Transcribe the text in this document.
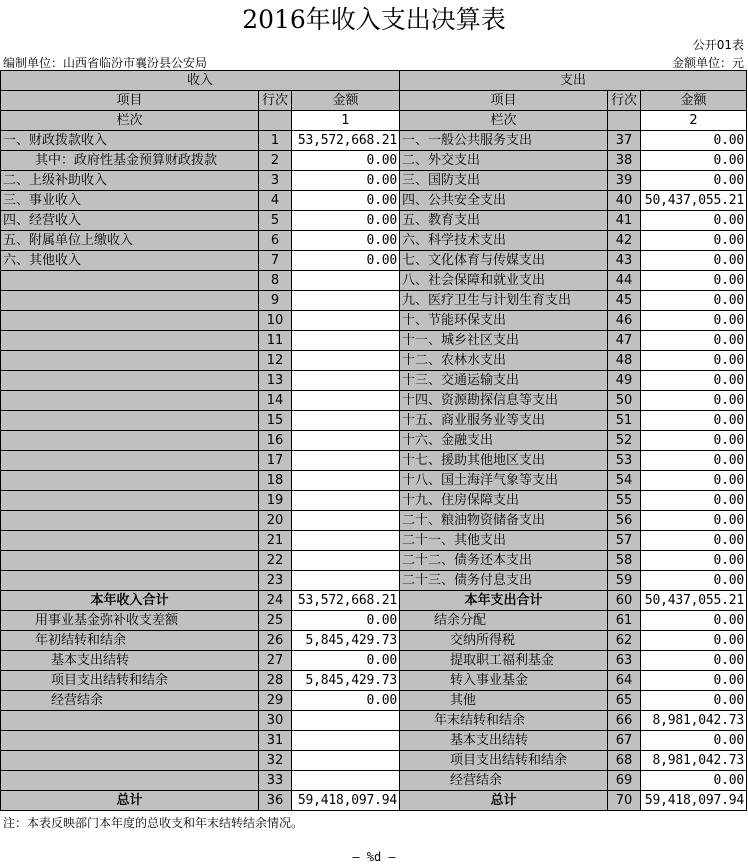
2016年收入支出决算表
公开01表
编制单位：山西省临汾市襄汾县公安局	金额单位：元
收入			支出		
项目	行次	金额	项目	行次	金额
栏次		1	栏次		2
一、财政拨款收入	1	53,572,668.21	一、一般公共服务支出	37	0.00
其中：政府性基金预算财政拨款	2	0.00	二、外交支出	38	0.00
二、上级补助收入	3	0.00	三、国防支出	39	0.00
三、事业收入	4	0.00	四、公共安全支出	40	50,437,055.21
四、经营收入	5	0.00	五、教育支出	41	0.00
五、附属单位上缴收入	6	0.00	六、科学技术支出	42	0.00
六、其他收入	7	0.00	七、文化体育与传媒支出	43	0.00
	8		八、社会保障和就业支出	44	0.00
	9		九、医疗卫生与计划生育支出	45	0.00
	10		十、节能环保支出	46	0.00
	11		十一、城乡社区支出	47	0.00
	12		十二、农林水支出	48	0.00
	13		十三、交通运输支出	49	0.00
	14		十四、资源勘探信息等支出	50	0.00
	15		十五、商业服务业等支出	51	0.00
	16		十六、金融支出	52	0.00
	17		十七、援助其他地区支出	53	0.00
	18		十八、国土海洋气象等支出	54	0.00
	19		十九、住房保障支出	55	0.00
	20		二十、粮油物资储备支出	56	0.00
	21		二十一、其他支出	57	0.00
	22		二十二、债务还本支出	58	0.00
	23		二十三、债务付息支出	59	0.00
本年收入合计	24	53,572,668.21	本年支出合计	60	50,437,055.21
用事业基金弥补收支差额	25	0.00	结余分配	61	0.00
年初结转和结余	26	5,845,429.73	交纳所得税	62	0.00
基本支出结转	27	0.00	提取职工福利基金	63	0.00
项目支出结转和结余	28	5,845,429.73	转入事业基金	64	0.00
经营结余	29	0.00	其他	65	0.00
	30		年末结转和结余	66	8,981,042.73
	31		基本支出结转	67	0.00
	32		项目支出结转和结余	68	8,981,042.73
	33		经营结余	69	0.00
总计	36	59,418,097.94	总计	70	59,418,097.94
注：本表反映部门本年度的总收支和年末结转结余情况。
— %d —
